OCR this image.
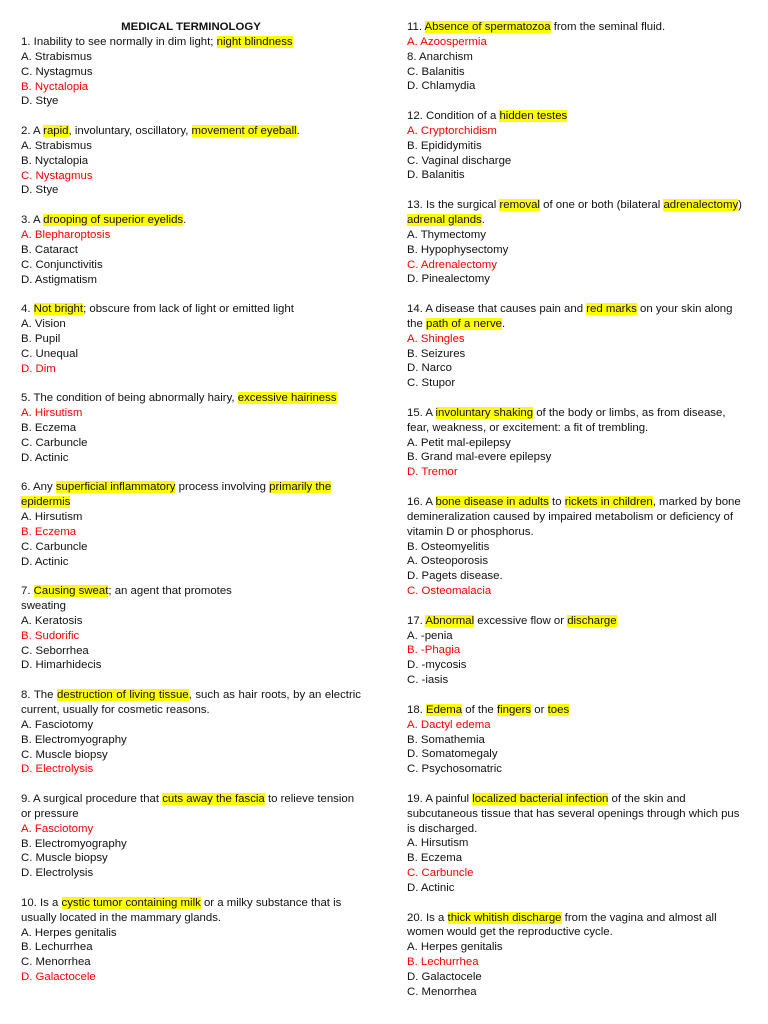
MEDICAL TERMINOLOGY
1. Inability to see normally in dim light; night blindness
A. Strabismus
C. Nystagmus
B. Nyctalopia
D. Stye
2. A rapid, involuntary, oscillatory, movement of eyeball.
A. Strabismus
B. Nyctalopia
C. Nystagmus
D. Stye
3. A drooping of superior eyelids.
A. Blepharoptosis
B. Cataract
C. Conjunctivitis
D. Astigmatism
4. Not bright; obscure from lack of light or emitted light
A. Vision
B. Pupil
C. Unequal
D. Dim
5. The condition of being abnormally hairy, excessive hairiness
A. Hirsutism
B. Eczema
C. Carbuncle
D. Actinic
6. Any superficial inflammatory process involving primarily the epidermis
A. Hirsutism
B. Eczema
C. Carbuncle
D. Actinic
7. Causing sweat; an agent that promotes
sweating
A. Keratosis
B. Sudorific
C. Seborrhea
D. Himarhidecis
8. The destruction of living tissue, such as hair roots, by an electric current, usually for cosmetic reasons.
A. Fasciotomy
B. Electromyography
C. Muscle biopsy
D. Electrolysis
9. A surgical procedure that cuts away the fascia to relieve tension or pressure
A. Fasciotomy
B. Electromyography
C. Muscle biopsy
D. Electrolysis
10. Is a cystic tumor containing milk or a milky substance that is usually located in the mammary glands.
A. Herpes genitalis
B. Lechurrhea
C. Menorrhea
D. Galactocele
11. Absence of spermatozoa from the seminal fluid.
A. Azoospermia
8. Anarchism
C. Balanitis
D. Chlamydia
12. Condition of a hidden testes
A. Cryptorchidism
B. Epididymitis
C. Vaginal discharge
D. Balanitis
13. Is the surgical removal of one or both (bilateral adrenalectomy) adrenal glands.
A. Thymectomy
B. Hypophysectomy
C. Adrenalectomy
D. Pinealectomy
14. A disease that causes pain and red marks on your skin along the path of a nerve.
A. Shingles
B. Seizures
D. Narco
C. Stupor
15. A involuntary shaking of the body or limbs, as from disease, fear, weakness, or excitement: a fit of trembling.
A. Petit mal-epilepsy
B. Grand mal-evere epilepsy
D. Tremor
16. A bone disease in adults to rickets in children, marked by bone demineralization caused by impaired metabolism or deficiency of vitamin D or phosphorus.
B. Osteomyelitis
A. Osteoporosis
D. Pagets disease.
C. Osteomalacia
17. Abnormal excessive flow or discharge
A. -penia
B. -Phagia
D. -mycosis
C. -iasis
18. Edema of the fingers or toes
A. Dactyl edema
B. Somathemia
D. Somatomegaly
C. Psychosomatric
19. A painful localized bacterial infection of the skin and subcutaneous tissue that has several openings through which pus is discharged.
A. Hirsutism
B. Eczema
C. Carbuncle
D. Actinic
20. Is a thick whitish discharge from the vagina and almost all women would get the reproductive cycle.
A. Herpes genitalis
B. Lechurrhea
D. Galactocele
C. Menorrhea
